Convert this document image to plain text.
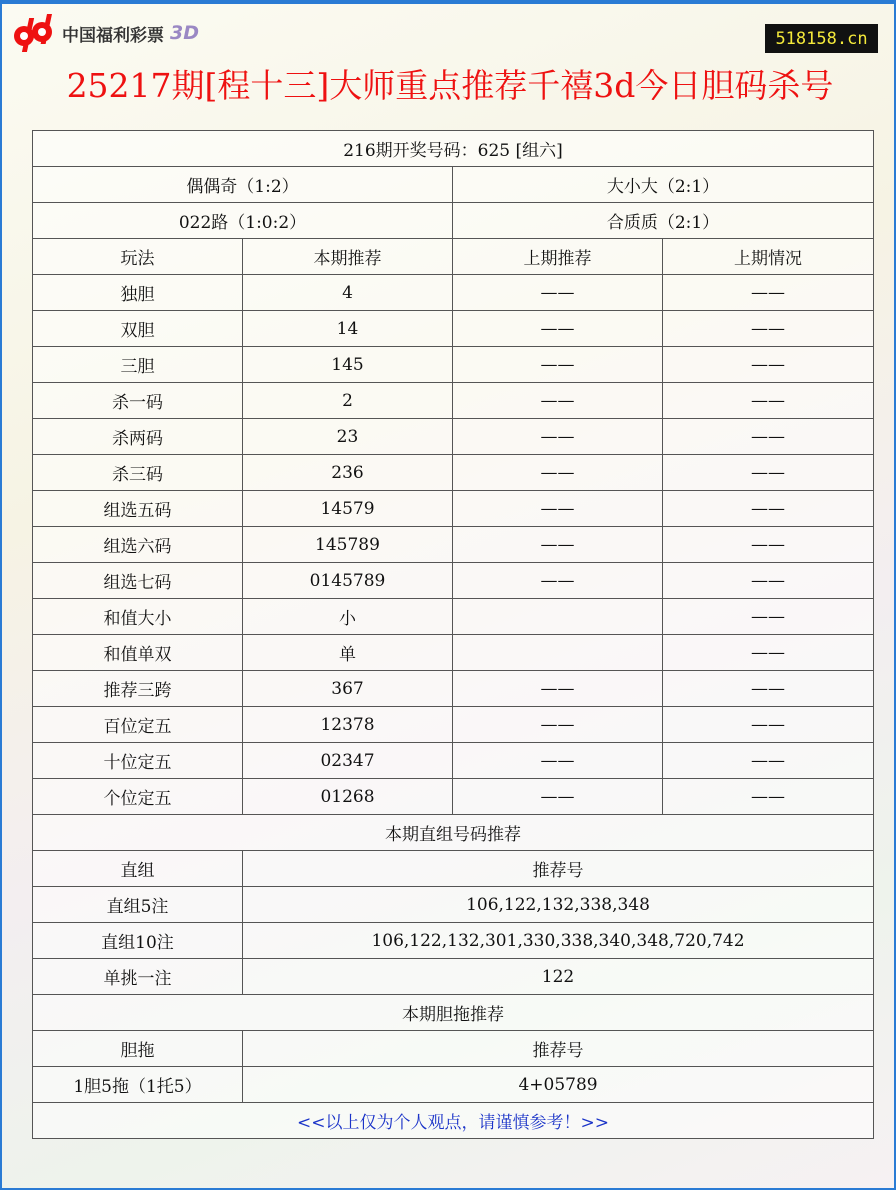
中国福利彩票 3D	518158.cn
25217期[程十三]大师重点推荐千禧3d今日胆码杀号
216期开奖号码：625 [组六]			
偶偶奇（1:2）		大小大（2:1）	
022路（1:0:2）		合质质（2:1）	
玩法	本期推荐	上期推荐	上期情况
独胆	4	——	——
双胆	14	——	——
三胆	145	——	——
杀一码	2	——	——
杀两码	23	——	——
杀三码	236	——	——
组选五码	14579	——	——
组选六码	145789	——	——
组选七码	0145789	——	——
和值大小	小		——
和值单双	单		——
推荐三跨	367	——	——
百位定五	12378	——	——
十位定五	02347	——	——
个位定五	01268	——	——
本期直组号码推荐			
直组	推荐号		
直组5注	106,122,132,338,348		
直组10注	106,122,132,301,330,338,340,348,720,742		
单挑一注	122		
本期胆拖推荐			
胆拖	推荐号		
1胆5拖（1托5）	4+05789		
<<以上仅为个人观点，请谨慎参考！>>			
